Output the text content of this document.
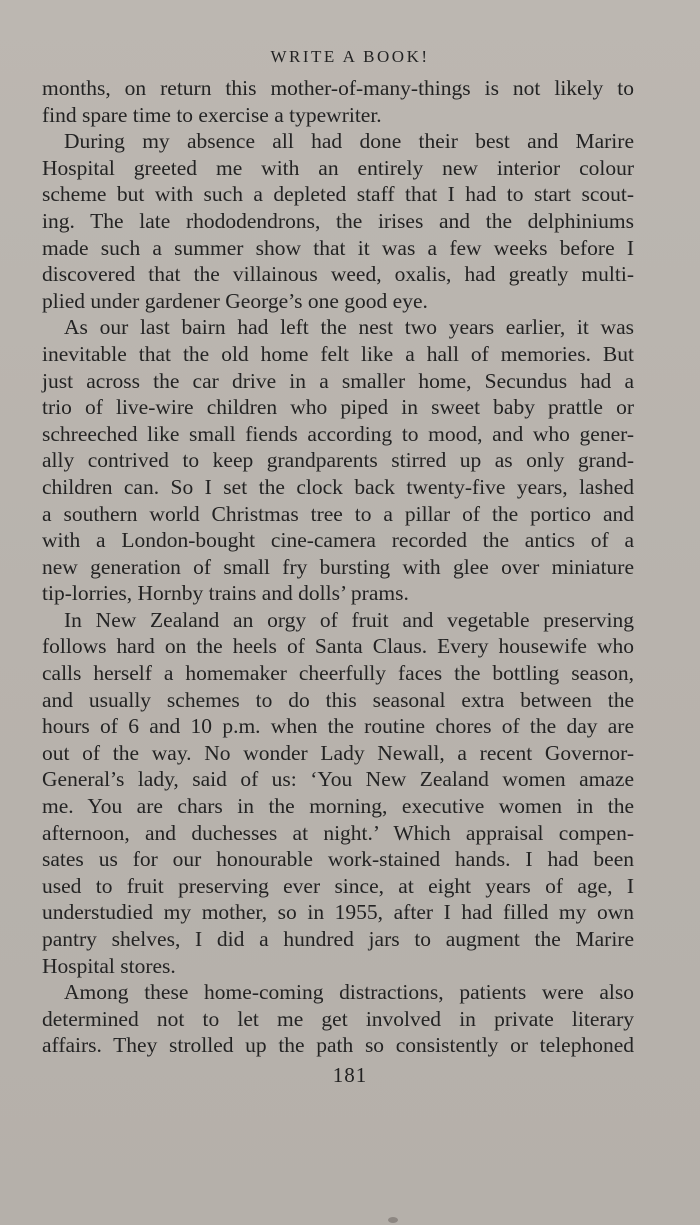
WRITE A BOOK!
months, on return this mother-of-many-things is not likely to
find spare time to exercise a typewriter.
During my absence all had done their best and Marire
Hospital greeted me with an entirely new interior colour
scheme but with such a depleted staff that I had to start scout-
ing. The late rhododendrons, the irises and the delphiniums
made such a summer show that it was a few weeks before I
discovered that the villainous weed, oxalis, had greatly multi-
plied under gardener George’s one good eye.
As our last bairn had left the nest two years earlier, it was
inevitable that the old home felt like a hall of memories. But
just across the car drive in a smaller home, Secundus had a
trio of live-wire children who piped in sweet baby prattle or
schreeched like small fiends according to mood, and who gener-
ally contrived to keep grandparents stirred up as only grand-
children can. So I set the clock back twenty-five years, lashed
a southern world Christmas tree to a pillar of the portico and
with a London-bought cine-camera recorded the antics of a
new generation of small fry bursting with glee over miniature
tip-lorries, Hornby trains and dolls’ prams.
In New Zealand an orgy of fruit and vegetable preserving
follows hard on the heels of Santa Claus. Every housewife who
calls herself a homemaker cheerfully faces the bottling season,
and usually schemes to do this seasonal extra between the
hours of 6 and 10 p.m. when the routine chores of the day are
out of the way. No wonder Lady Newall, a recent Governor-
General’s lady, said of us: ‘You New Zealand women amaze
me. You are chars in the morning, executive women in the
afternoon, and duchesses at night.’ Which appraisal compen-
sates us for our honourable work-stained hands. I had been
used to fruit preserving ever since, at eight years of age, I
understudied my mother, so in 1955, after I had filled my own
pantry shelves, I did a hundred jars to augment the Marire
Hospital stores.
Among these home-coming distractions, patients were also
determined not to let me get involved in private literary
affairs. They strolled up the path so consistently or telephoned
181
